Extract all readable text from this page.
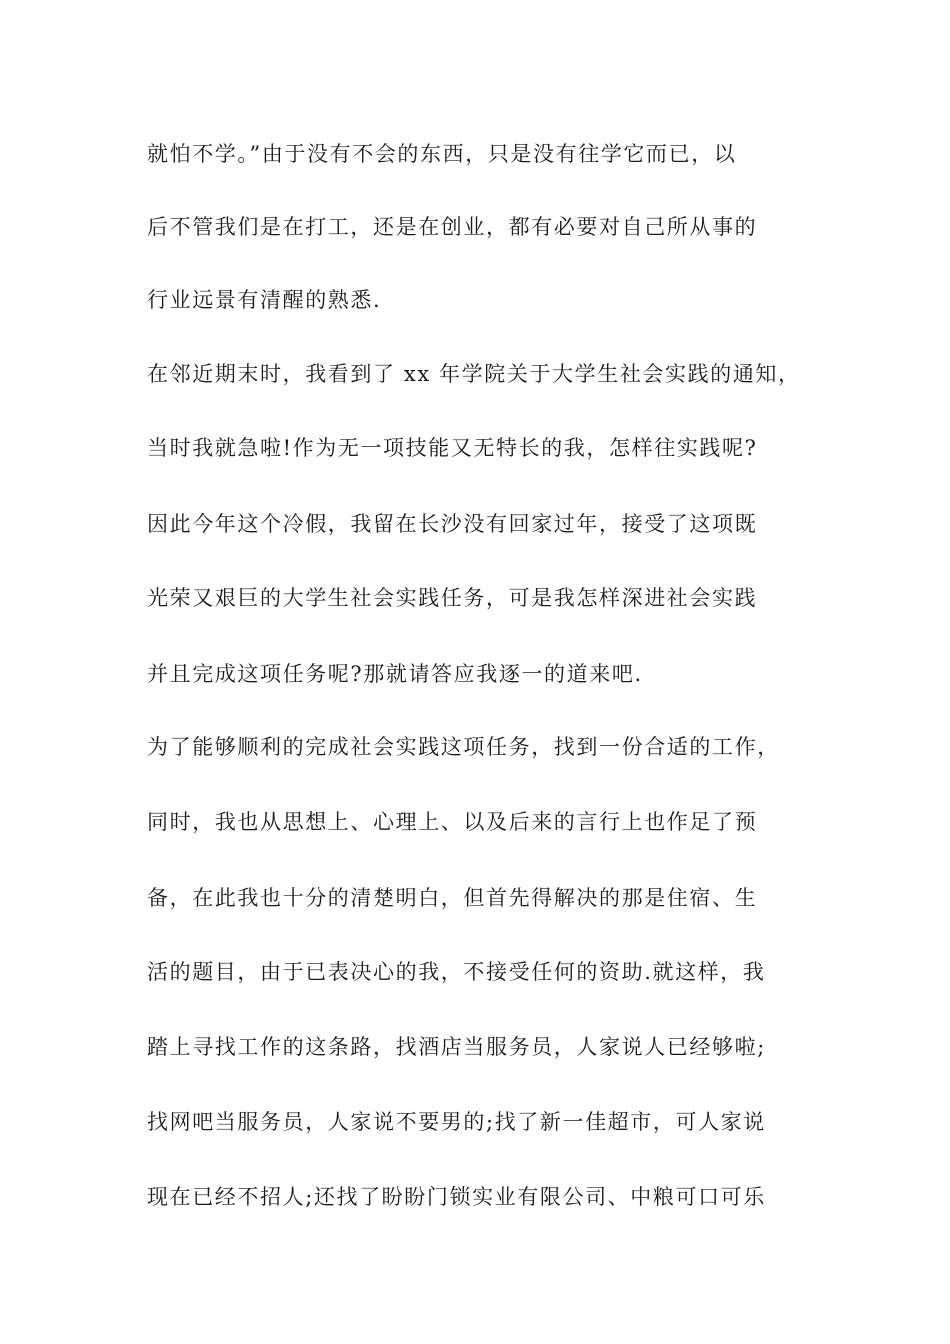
就怕不学。”由于没有不会的东西，只是没有往学它而已，以
后不管我们是在打工，还是在创业，都有必要对自己所从事的
行业远景有清醒的熟悉.
在邻近期末时，我看到了 xx 年学院关于大学生社会实践的通知，
当时我就急啦!作为无一项技能又无特长的我，怎样往实践呢?
因此今年这个冷假，我留在长沙没有回家过年，接受了这项既
光荣又艰巨的大学生社会实践任务，可是我怎样深进社会实践
并且完成这项任务呢?那就请答应我逐一的道来吧.
为了能够顺利的完成社会实践这项任务，找到一份合适的工作，
同时，我也从思想上、心理上、以及后来的言行上也作足了预
备，在此我也十分的清楚明白，但首先得解决的那是住宿、生
活的题目，由于已表决心的我，不接受任何的资助.就这样，我
踏上寻找工作的这条路，找酒店当服务员，人家说人已经够啦;
找网吧当服务员，人家说不要男的;找了新一佳超市，可人家说
现在已经不招人;还找了盼盼门锁实业有限公司、中粮可口可乐
